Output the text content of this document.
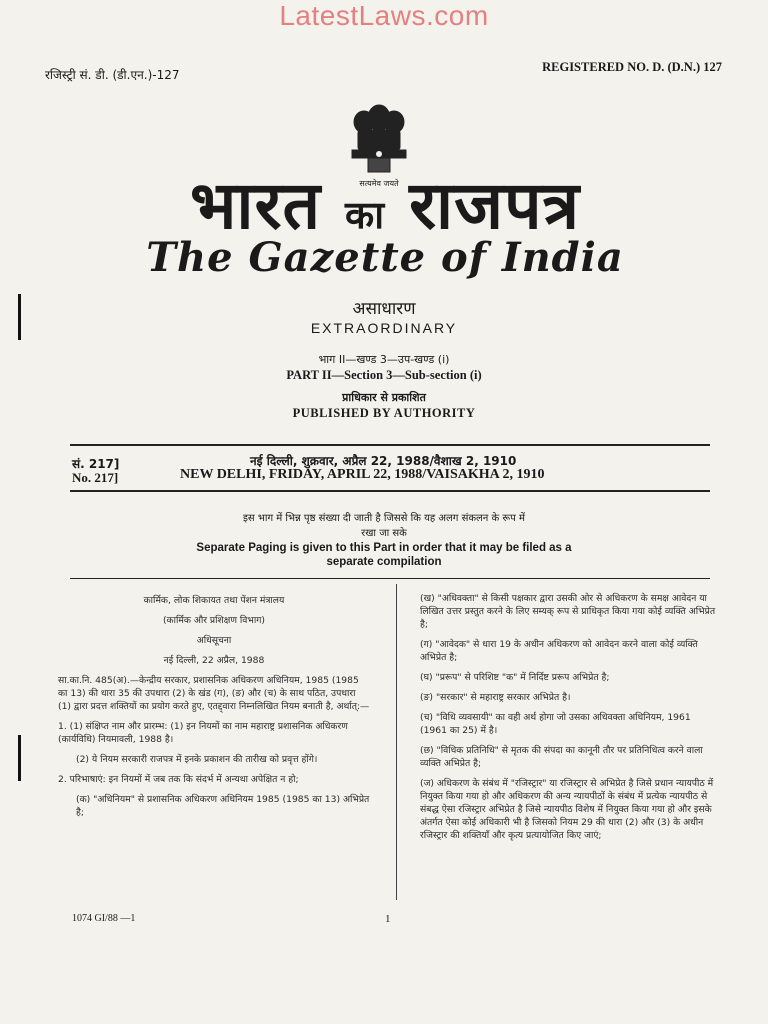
LatestLaws.com
रजिस्ट्री सं. डी. (डी.एन.)-127
REGISTERED NO. D. (D.N.) 127
सत्यमेव जयते
भारत का राजपत्र
The Gazette of India
असाधारण
EXTRAORDINARY
भाग II—खण्ड 3—उप-खण्ड (i)
PART II—Section 3—Sub-section (i)
प्राधिकार से प्रकाशित
PUBLISHED BY AUTHORITY
सं. 217]
No. 217]
नई दिल्ली, शुक्रवार, अप्रैल 22, 1988/वैशाख 2, 1910
NEW DELHI, FRIDAY, APRIL 22, 1988/VAISAKHA 2, 1910
इस भाग में भिन्न पृष्ठ संख्या दी जाती है जिससे कि यह अलग संकलन के रूप में
रखा जा सके
Separate Paging is given to this Part in order that it may be filed as a
separate compilation

कार्मिक, लोक शिकायत तथा पेंशन मंत्रालय

(कार्मिक और प्रशिक्षण विभाग)

अधिसूचना

नई दिल्ली, 22 अप्रैल, 1988

सा.का.नि. 485(अ).—केन्द्रीय सरकार, प्रशासनिक अधिकरण अधिनियम, 1985 (1985 का 13) की धारा 35 की उपधारा (2) के खंड (ग), (ङ) और (च) के साथ पठित, उपधारा (1) द्वारा प्रदत्त शक्तियों का प्रयोग करते हुए, एतद्द्वारा निम्नलिखित नियम बनाती है, अर्थात्:—

1. (1) संक्षिप्त नाम और प्रारम्भ: (1) इन नियमों का नाम महाराष्ट्र प्रशासनिक अधिकरण (कार्यविधि) नियमावली, 1988 है।

(2) ये नियम सरकारी राजपत्र में इनके प्रकाशन की तारीख को प्रवृत्त होंगे।

2. परिभाषाएं: इन नियमों में जब तक कि संदर्भ में अन्यथा अपेक्षित न हो;

(क) "अधिनियम" से प्रशासनिक अधिकरण अधिनियम 1985 (1985 का 13) अभिप्रेत है;

(ख) "अधिवक्ता" से किसी पक्षकार द्वारा उसकी ओर से अधिकरण के समक्ष आवेदन या लिखित उत्तर प्रस्तुत करने के लिए सम्यक् रूप से प्राधिकृत किया गया कोई व्यक्ति अभिप्रेत है;

(ग) "आवेदक" से धारा 19 के अधीन अधिकरण को आवेदन करने वाला कोई व्यक्ति अभिप्रेत है;

(घ) "प्ररूप" से परिशिष्ट "क" में निर्दिष्ट प्ररूप अभिप्रेत है;

(ङ) "सरकार" से महाराष्ट्र सरकार अभिप्रेत है।

(च) "विधि व्यवसायी" का वही अर्थ होगा जो उसका अधिवक्ता अधिनियम, 1961 (1961 का 25) में है।

(छ) "विधिक प्रतिनिधि" से मृतक की संपदा का कानूनी तौर पर प्रतिनिधित्व करने वाला व्यक्ति अभिप्रेत है;

(ज) अधिकरण के संबंध में "रजिस्ट्रार" या रजिस्ट्रार से अभिप्रेत है जिसे प्रधान न्यायपीठ में नियुक्त किया गया हो और अधिकरण की अन्य न्यायपीठों के संबंध में प्रत्येक न्यायपीठ से संबद्ध ऐसा रजिस्ट्रार अभिप्रेत है जिसे न्यायपीठ विशेष में नियुक्त किया गया हो और इसके अंतर्गत ऐसा कोई अधिकारी भी है जिसको नियम 29 की धारा (2) और (3) के अधीन रजिस्ट्रार की शक्तियाँ और कृत्य प्रत्यायोजित किए जाएं;

1074 GI/88 —1	1
